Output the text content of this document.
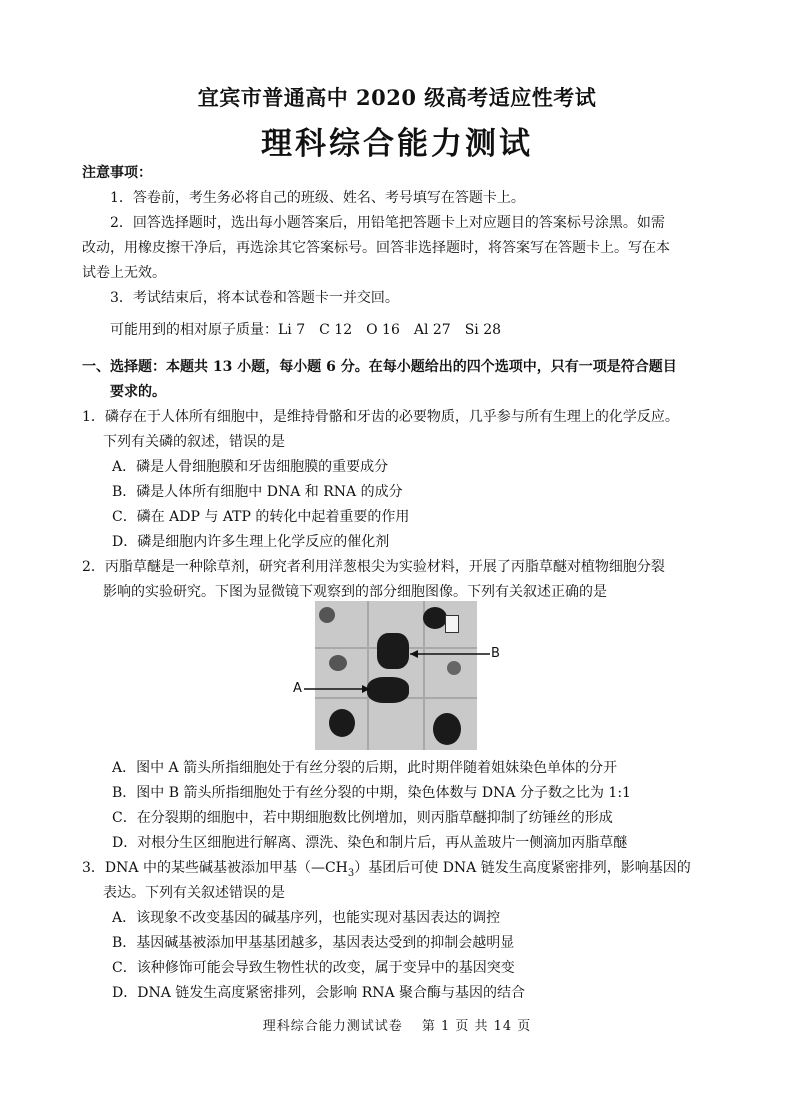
宜宾市普通高中 2020 级高考适应性考试
理科综合能力测试
注意事项：
1．答卷前，考生务必将自己的班级、姓名、考号填写在答题卡上。
2．回答选择题时，选出每小题答案后，用铅笔把答题卡上对应题目的答案标号涂黑。如需
改动，用橡皮擦干净后，再选涂其它答案标号。回答非选择题时，将答案写在答题卡上。写在本
试卷上无效。
3．考试结束后，将本试卷和答题卡一并交回。
可能用到的相对原子质量：Li 7　C 12　O 16　Al 27　Si 28
一、选择题：本题共 13 小题，每小题 6 分。在每小题给出的四个选项中，只有一项是符合题目
要求的。
1．磷存在于人体所有细胞中，是维持骨骼和牙齿的必要物质，几乎参与所有生理上的化学反应。
下列有关磷的叙述，错误的是
A．磷是人骨细胞膜和牙齿细胞膜的重要成分
B．磷是人体所有细胞中 DNA 和 RNA 的成分
C．磷在 ADP 与 ATP 的转化中起着重要的作用
D．磷是细胞内许多生理上化学反应的催化剂
2．丙脂草醚是一种除草剂，研究者利用洋葱根尖为实验材料，开展了丙脂草醚对植物细胞分裂
影响的实验研究。下图为显微镜下观察到的部分细胞图像。下列有关叙述正确的是
B
A
A．图中 A 箭头所指细胞处于有丝分裂的后期，此时期伴随着姐妹染色单体的分开
B．图中 B 箭头所指细胞处于有丝分裂的中期，染色体数与 DNA 分子数之比为 1:1
C．在分裂期的细胞中，若中期细胞数比例增加，则丙脂草醚抑制了纺锤丝的形成
D．对根分生区细胞进行解离、漂洗、染色和制片后，再从盖玻片一侧滴加丙脂草醚
3．DNA 中的某些碱基被添加甲基$(—CH_3)$基团后可使 DNA 链发生高度紧密排列，影响基因的
表达。下列有关叙述错误的是
A．该现象不改变基因的碱基序列，也能实现对基因表达的调控
B．基因碱基被添加甲基基团越多，基因表达受到的抑制会越明显
C．该种修饰可能会导致生物性状的改变，属于变异中的基因突变
D．DNA 链发生高度紧密排列，会影响 RNA 聚合酶与基因的结合
理科综合能力测试试卷　 第 1 页 共 14 页
